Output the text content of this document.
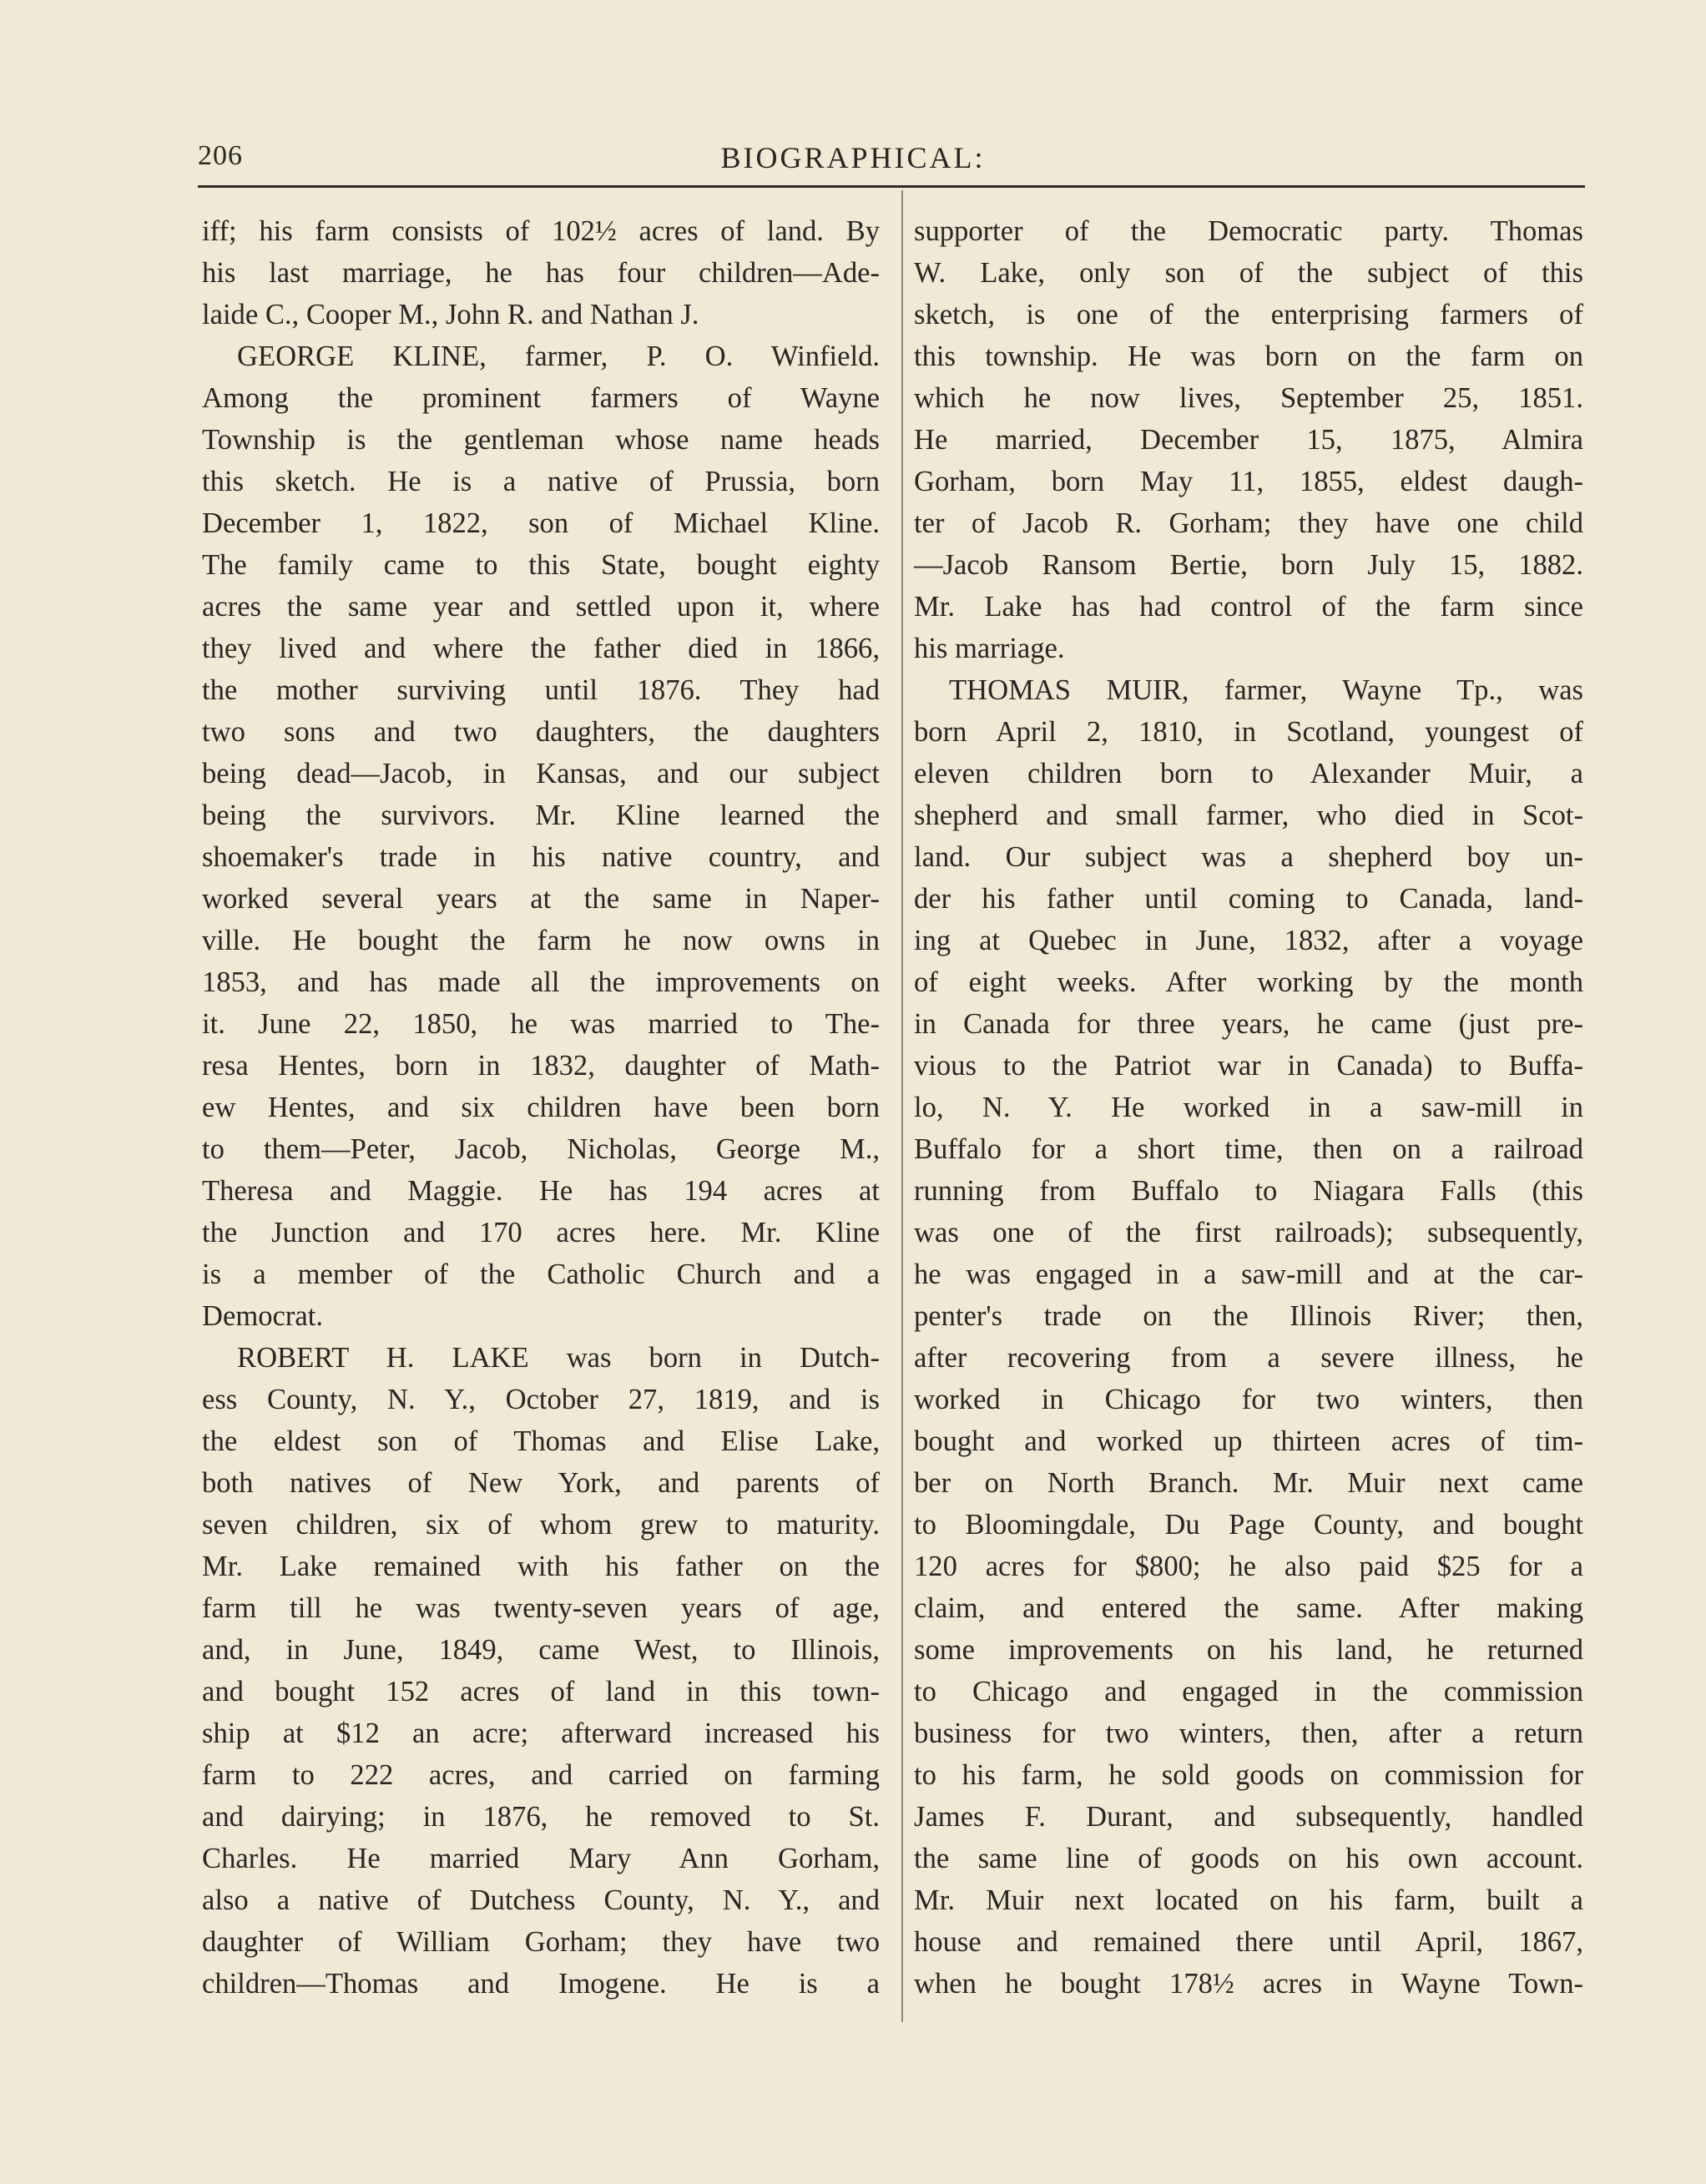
206	BIOGRAPHICAL:
iff; his farm consists of 102½ acres of land. By
his last marriage, he has four children—Ade-
laide C., Cooper M., John R. and Nathan J.
GEORGE KLINE, farmer, P. O. Winfield.
Among the prominent farmers of Wayne
Township is the gentleman whose name heads
this sketch. He is a native of Prussia, born
December 1, 1822, son of Michael Kline.
The family came to this State, bought eighty
acres the same year and settled upon it, where
they lived and where the father died in 1866,
the mother surviving until 1876. They had
two sons and two daughters, the daughters
being dead—Jacob, in Kansas, and our subject
being the survivors. Mr. Kline learned the
shoemaker's trade in his native country, and
worked several years at the same in Naper-
ville. He bought the farm he now owns in
1853, and has made all the improvements on
it. June 22, 1850, he was married to The-
resa Hentes, born in 1832, daughter of Math-
ew Hentes, and six children have been born
to them—Peter, Jacob, Nicholas, George M.,
Theresa and Maggie. He has 194 acres at
the Junction and 170 acres here. Mr. Kline
is a member of the Catholic Church and a
Democrat.
ROBERT H. LAKE was born in Dutch-
ess County, N. Y., October 27, 1819, and is
the eldest son of Thomas and Elise Lake,
both natives of New York, and parents of
seven children, six of whom grew to maturity.
Mr. Lake remained with his father on the
farm till he was twenty-seven years of age,
and, in June, 1849, came West, to Illinois,
and bought 152 acres of land in this town-
ship at $12 an acre; afterward increased his
farm to 222 acres, and carried on farming
and dairying; in 1876, he removed to St.
Charles. He married Mary Ann Gorham,
also a native of Dutchess County, N. Y., and
daughter of William Gorham; they have two
children—Thomas and Imogene. He is a
supporter of the Democratic party. Thomas
W. Lake, only son of the subject of this
sketch, is one of the enterprising farmers of
this township. He was born on the farm on
which he now lives, September 25, 1851.
He married, December 15, 1875, Almira
Gorham, born May 11, 1855, eldest daugh-
ter of Jacob R. Gorham; they have one child
—Jacob Ransom Bertie, born July 15, 1882.
Mr. Lake has had control of the farm since
his marriage.
THOMAS MUIR, farmer, Wayne Tp., was
born April 2, 1810, in Scotland, youngest of
eleven children born to Alexander Muir, a
shepherd and small farmer, who died in Scot-
land. Our subject was a shepherd boy un-
der his father until coming to Canada, land-
ing at Quebec in June, 1832, after a voyage
of eight weeks. After working by the month
in Canada for three years, he came (just pre-
vious to the Patriot war in Canada) to Buffa-
lo, N. Y. He worked in a saw-mill in
Buffalo for a short time, then on a railroad
running from Buffalo to Niagara Falls (this
was one of the first railroads); subsequently,
he was engaged in a saw-mill and at the car-
penter's trade on the Illinois River; then,
after recovering from a severe illness, he
worked in Chicago for two winters, then
bought and worked up thirteen acres of tim-
ber on North Branch. Mr. Muir next came
to Bloomingdale, Du Page County, and bought
120 acres for $800; he also paid $25 for a
claim, and entered the same. After making
some improvements on his land, he returned
to Chicago and engaged in the commission
business for two winters, then, after a return
to his farm, he sold goods on commission for
James F. Durant, and subsequently, handled
the same line of goods on his own account.
Mr. Muir next located on his farm, built a
house and remained there until April, 1867,
when he bought 178½ acres in Wayne Town-
